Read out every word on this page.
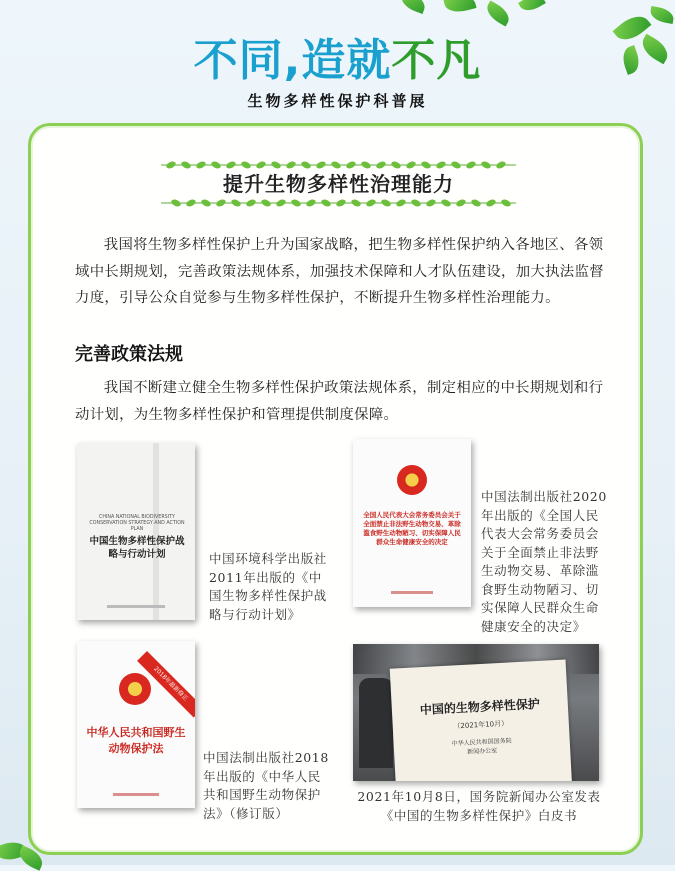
不同,造就不凡
生物多样性保护科普展
提升生物多样性治理能力
我国将生物多样性保护上升为国家战略，把生物多样性保护纳入各地区、各领域中长期规划，完善政策法规体系，加强技术保障和人才队伍建设，加大执法监督力度，引导公众自觉参与生物多样性保护，不断提升生物多样性治理能力。
完善政策法规
我国不断建立健全生物多样性保护政策法规体系，制定相应的中长期规划和行动计划，为生物多样性保护和管理提供制度保障。
CHINA NATIONAL BIODIVERSITY CONSERVATION STRATEGY AND ACTION PLAN
中国生物多样性保护战略与行动计划	中国环境科学出版社2011年出版的《中国生物多样性保护战略与行动计划》
全国人民代表大会常务委员会关于全面禁止非法野生动物交易、革除滥食野生动物陋习、切实保障人民群众生命健康安全的决定
中国法制出版社2020年出版的《全国人民代表大会常务委员会关于全面禁止非法野生动物交易、革除滥食野生动物陋习、切实保障人民群众生命健康安全的决定》
2018年最新修正
中华人民共和国野生动物保护法
中国法制出版社2018年出版的《中华人民共和国野生动物保护法》（修订版）
中国的生物多样性保护
（2021年10月）
中华人民共和国国务院新闻办公室
2021年10月8日，国务院新闻办公室发表《中国的生物多样性保护》白皮书
